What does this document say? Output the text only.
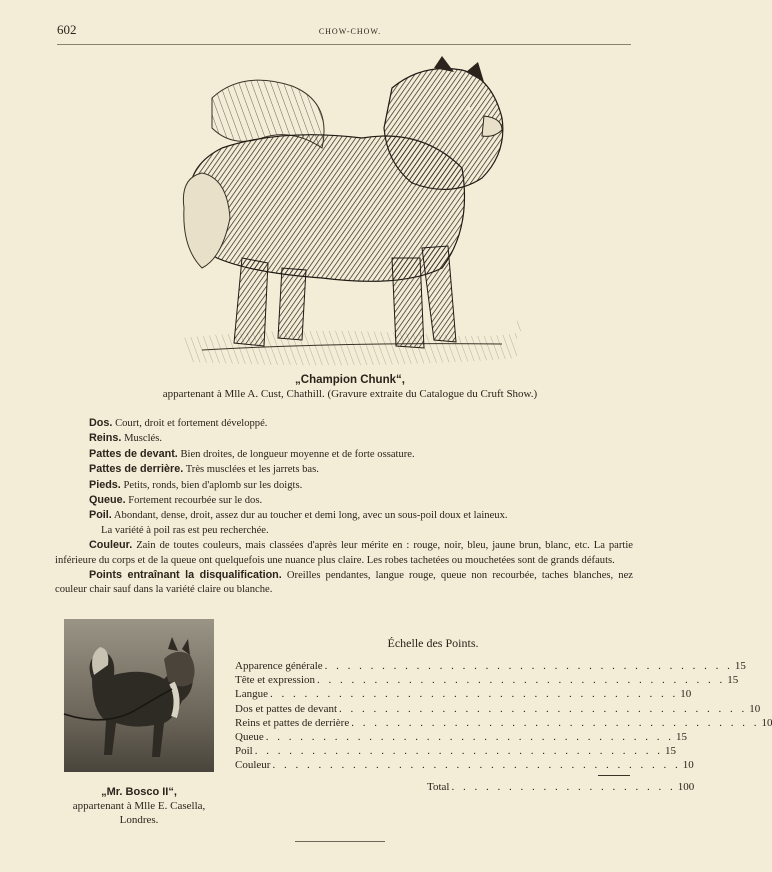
602	CHOW-CHOW.
„Champion Chunk“,
appartenant à Mlle A. Cust, Chathill. (Gravure extraite du Catalogue du Cruft Show.)

Dos. Court, droit et fortement développé.

Reins. Musclés.

Pattes de devant. Bien droites, de longueur moyenne et de forte ossature.

Pattes de derrière. Très musclées et les jarrets bas.

Pieds. Petits, ronds, bien d'aplomb sur les doigts.

Queue. Fortement recourbée sur le dos.

Poil. Abondant, dense, droit, assez dur au toucher et demi long, avec un sous-poil doux et laineux.

La variété à poil ras est peu recherchée.

Couleur. Zain de toutes couleurs, mais classées d'après leur mérite en : rouge, noir, bleu, jaune brun, blanc, etc. La partie inférieure du corps et de la queue ont quelquefois une nuance plus claire. Les robes tachetées ou mouchetées sont de grands défauts.

Points entraînant la disqualification. Oreilles pendantes, langue rouge, queue non recourbée, taches blanches, nez couleur chair sauf dans la variété claire ou blanche.

„Mr. Bosco II“,
appartenant à Mlle E. Casella,
Londres.
Échelle des Points.
Apparence générale . . . . . . . . . . . . . . . . . . . . . . . . . . . . . . . . . . . . 15
Tête et expression . . . . . . . . . . . . . . . . . . . . . . . . . . . . . . . . . . . . 15
Langue . . . . . . . . . . . . . . . . . . . . . . . . . . . . . . . . . . . . 10
Dos et pattes de devant . . . . . . . . . . . . . . . . . . . . . . . . . . . . . . . . . . . . 10
Reins et pattes de derrière . . . . . . . . . . . . . . . . . . . . . . . . . . . . . . . . . . . . 10
Queue . . . . . . . . . . . . . . . . . . . . . . . . . . . . . . . . . . . . 15
Poil . . . . . . . . . . . . . . . . . . . . . . . . . . . . . . . . . . . . 15
Couleur . . . . . . . . . . . . . . . . . . . . . . . . . . . . . . . . . . . . 10
Total . . . . . . . . . . . . . . . . . . . . 100
